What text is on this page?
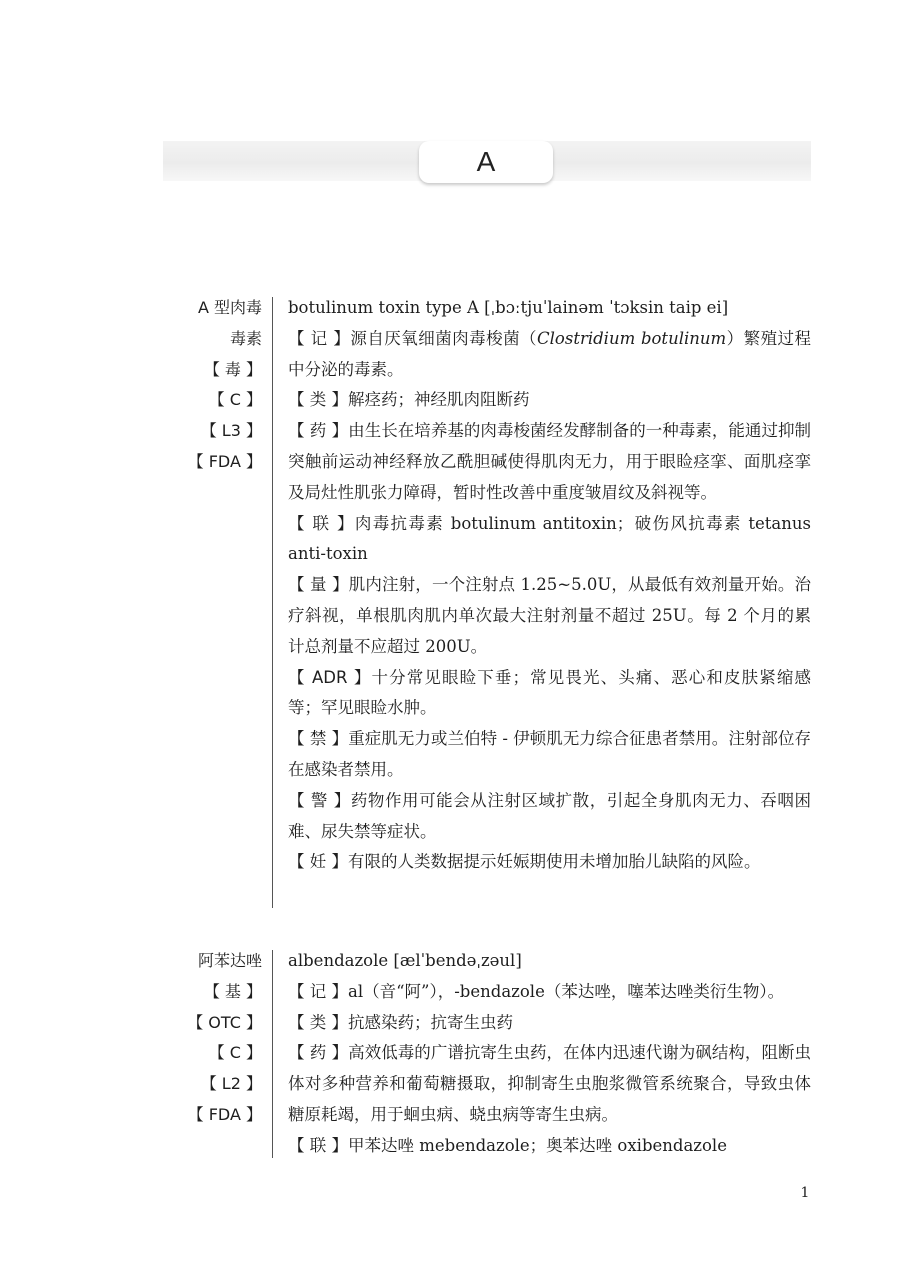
A
A 型肉毒
毒素
【 毒 】
【 C 】
【 L3 】
【 FDA 】

botulinum toxin type A [ˌbɔːtjuˈlainəm ˈtɔksin taip ei]

【 记 】源自厌氧细菌肉毒梭菌（Clostridium botulinum）繁殖过程中分泌的毒素。

【 类 】解痉药；神经肌肉阻断药

【 药 】由生长在培养基的肉毒梭菌经发酵制备的一种毒素，能通过抑制突触前运动神经释放乙酰胆碱使得肌肉无力，用于眼睑痉挛、面肌痉挛及局灶性肌张力障碍，暂时性改善中重度皱眉纹及斜视等。

【 联 】肉毒抗毒素 botulinum antitoxin；破伤风抗毒素 tetanus anti-toxin

【 量 】肌内注射，一个注射点 1.25~5.0U，从最低有效剂量开始。治疗斜视，单根肌肉肌内单次最大注射剂量不超过 25U。每 2 个月的累计总剂量不应超过 200U。

【 ADR 】十分常见眼睑下垂；常见畏光、头痛、恶心和皮肤紧缩感等；罕见眼睑水肿。

【 禁 】重症肌无力或兰伯特 - 伊顿肌无力综合征患者禁用。注射部位存在感染者禁用。

【 警 】药物作用可能会从注射区域扩散，引起全身肌肉无力、吞咽困难、尿失禁等症状。

【 妊 】有限的人类数据提示妊娠期使用未增加胎儿缺陷的风险。

阿苯达唑
【 基 】
【 OTC 】
【 C 】
【 L2 】
【 FDA 】

albendazole [ælˈbendəˌzəul]

【 记 】al（音“阿”），-bendazole（苯达唑，噻苯达唑类衍生物）。

【 类 】抗感染药；抗寄生虫药

【 药 】高效低毒的广谱抗寄生虫药，在体内迅速代谢为砜结构，阻断虫体对多种营养和葡萄糖摄取，抑制寄生虫胞浆微管系统聚合，导致虫体糖原耗竭，用于蛔虫病、蛲虫病等寄生虫病。

【 联 】甲苯达唑 mebendazole；奥苯达唑 oxibendazole

1
